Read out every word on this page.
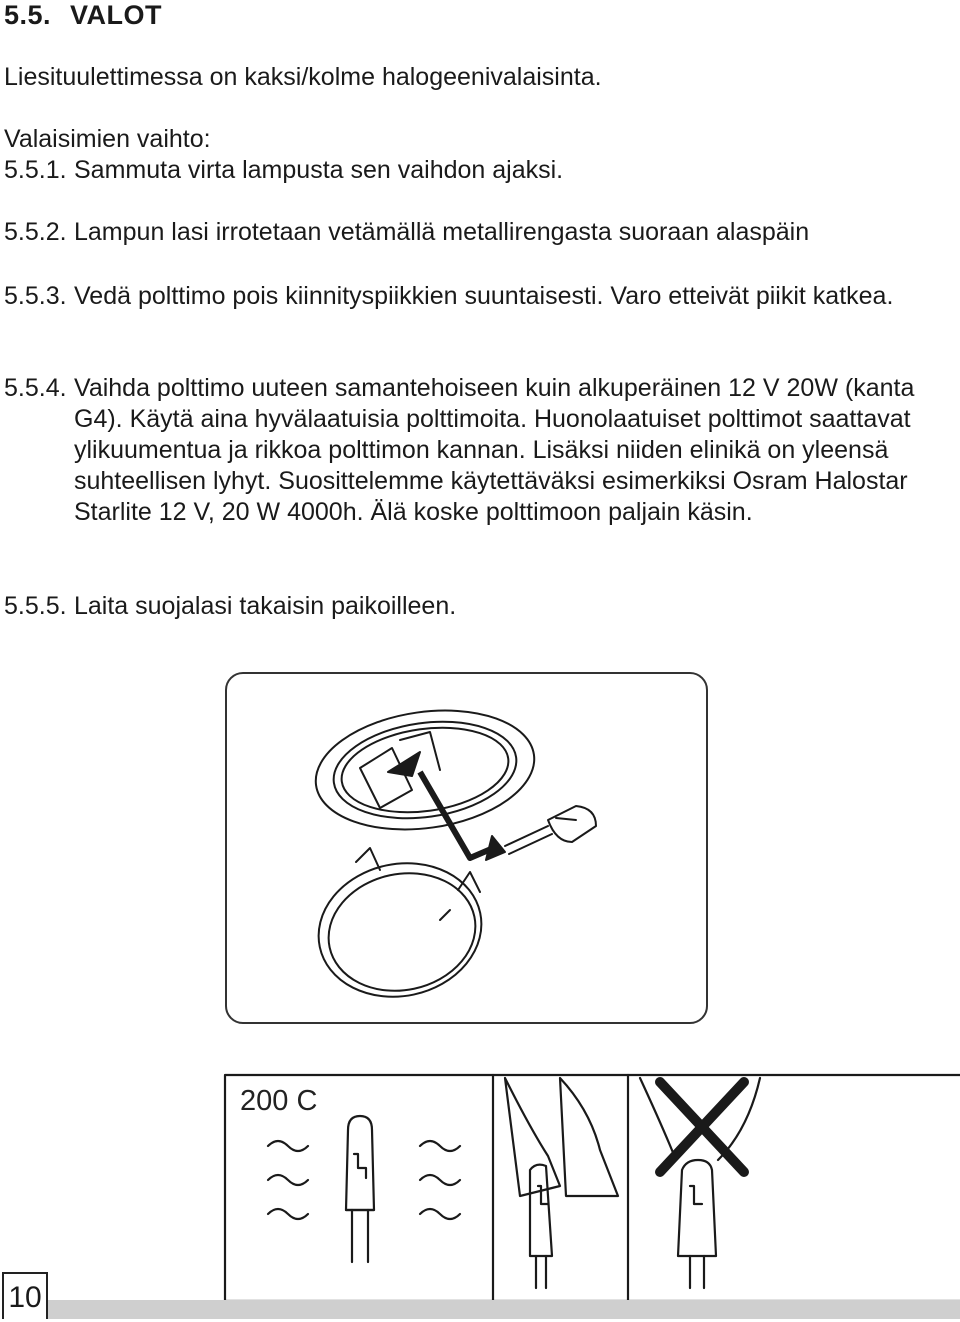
5.5. VALOT
Liesituulettimessa on kaksi/kolme halogeenivalaisinta.
Valaisimien vaihto:
5.5.1. Sammuta virta lampusta sen vaihdon ajaksi.
5.5.2. Lampun lasi irrotetaan vetämällä metallirengasta suoraan alaspäin
5.5.3. Vedä polttimo pois kiinnityspiikkien suuntaisesti. Varo etteivät piikit katkea.
5.5.4. Vaihda polttimo uuteen samantehoiseen kuin alkuperäinen 12 V 20W (kanta G4). Käytä aina hyvälaatuisia polttimoita. Huonolaatuiset polttimot saattavat ylikuumentua ja rikkoa polttimon kannan. Lisäksi niiden elinikä on yleensä suhteellisen lyhyt. Suosittelemme käytettäväksi esimerkiksi Osram Halostar Starlite 12 V, 20 W 4000h. Älä koske polttimoon paljain käsin.
5.5.5. Laita suojalasi takaisin paikoilleen.
200 C
10
